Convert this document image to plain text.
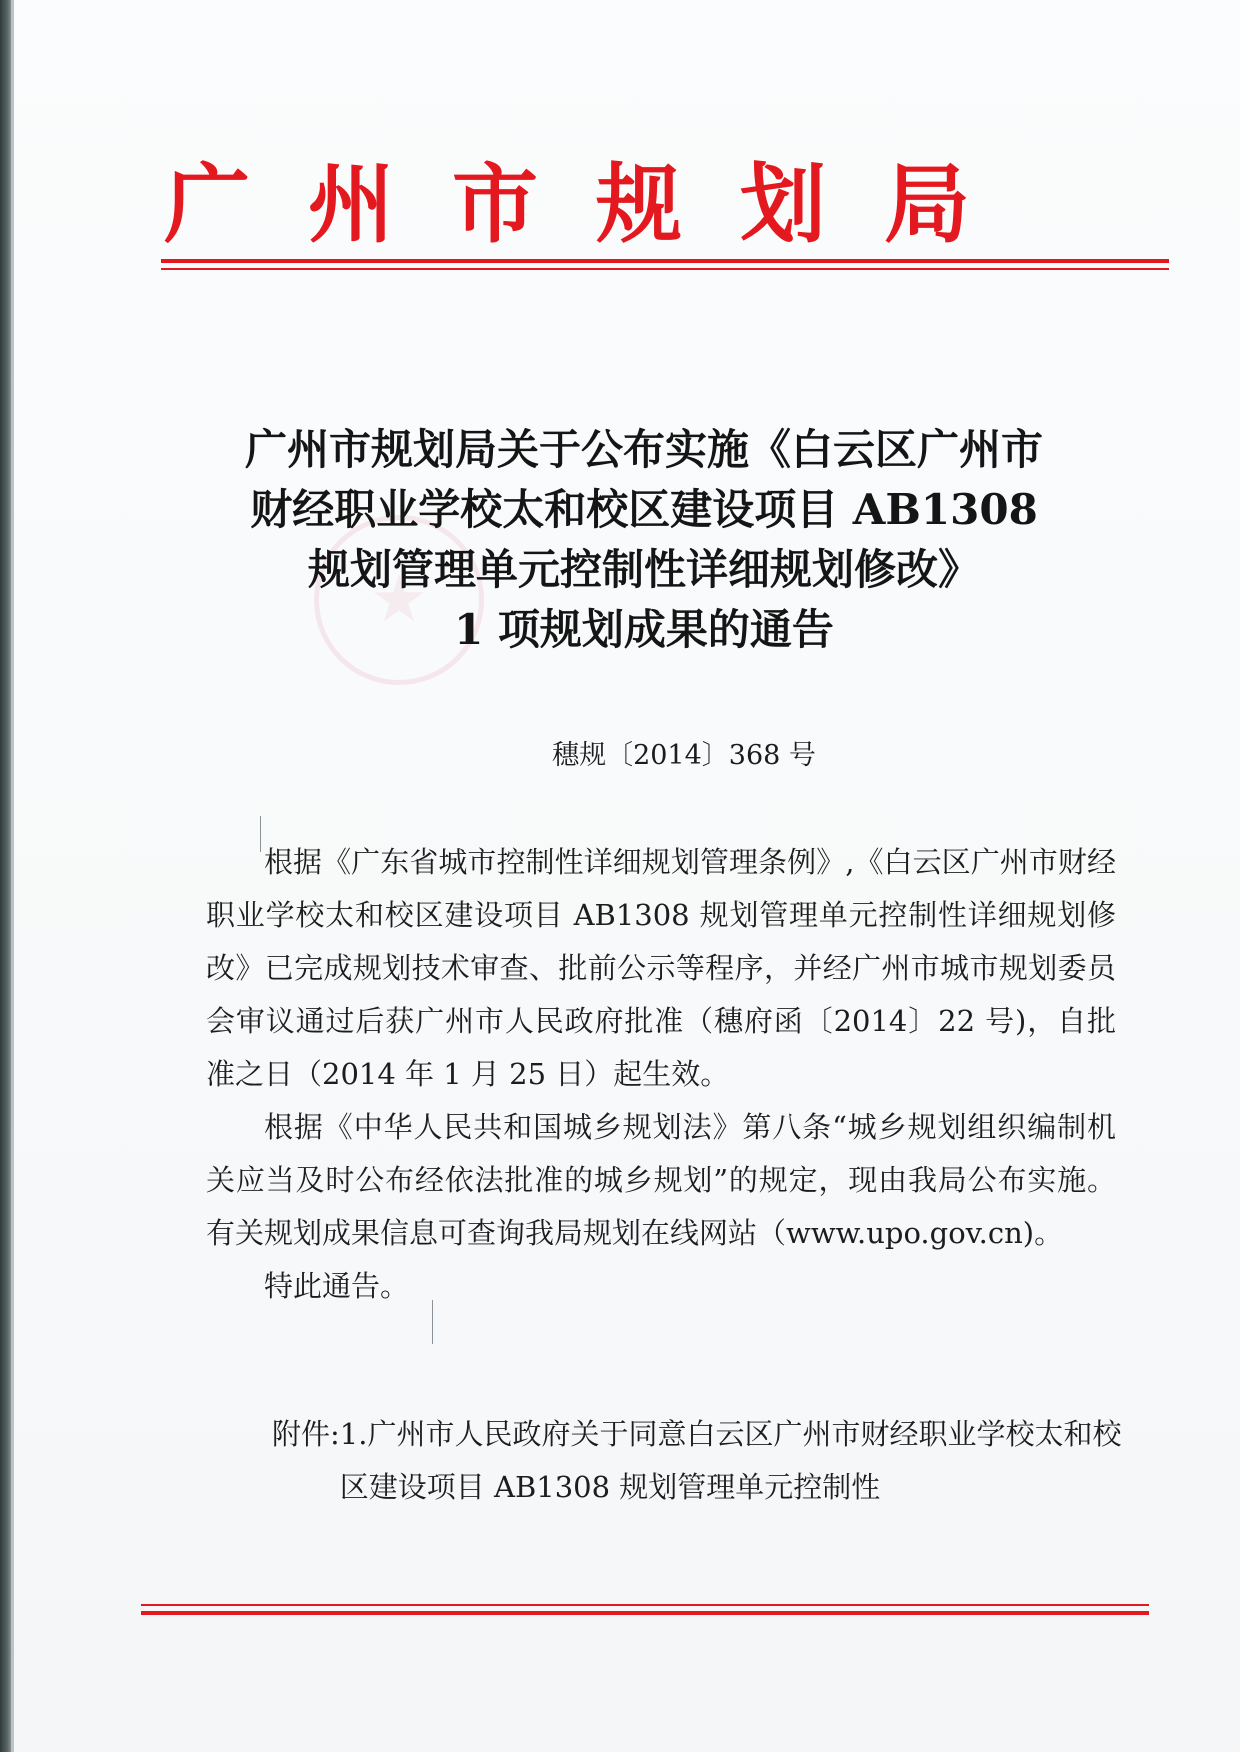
广州市规划局
广州市规划局关于公布实施《白云区广州市
财经职业学校太和校区建设项目 AB1308
规划管理单元控制性详细规划修改》
1 项规划成果的通告
穗规〔2014〕368 号

根据《广东省城市控制性详细规划管理条例》,《白云区广州市财经职业学校太和校区建设项目 AB1308 规划管理单元控制性详细规划修改》已完成规划技术审查、批前公示等程序，并经广州市城市规划委员会审议通过后获广州市人民政府批准（穗府函〔2014〕22 号)，自批准之日（2014 年 1 月 25 日）起生效。

根据《中华人民共和国城乡规划法》第八条“城乡规划组织编制机关应当及时公布经依法批准的城乡规划”的规定，现由我局公布实施。有关规划成果信息可查询我局规划在线网站（www.upo.gov.cn)。

特此通告。

附件: 1.广州市人民政府关于同意白云区广州市财经职业学校太和校区建设项目 AB1308 规划管理单元控制性
